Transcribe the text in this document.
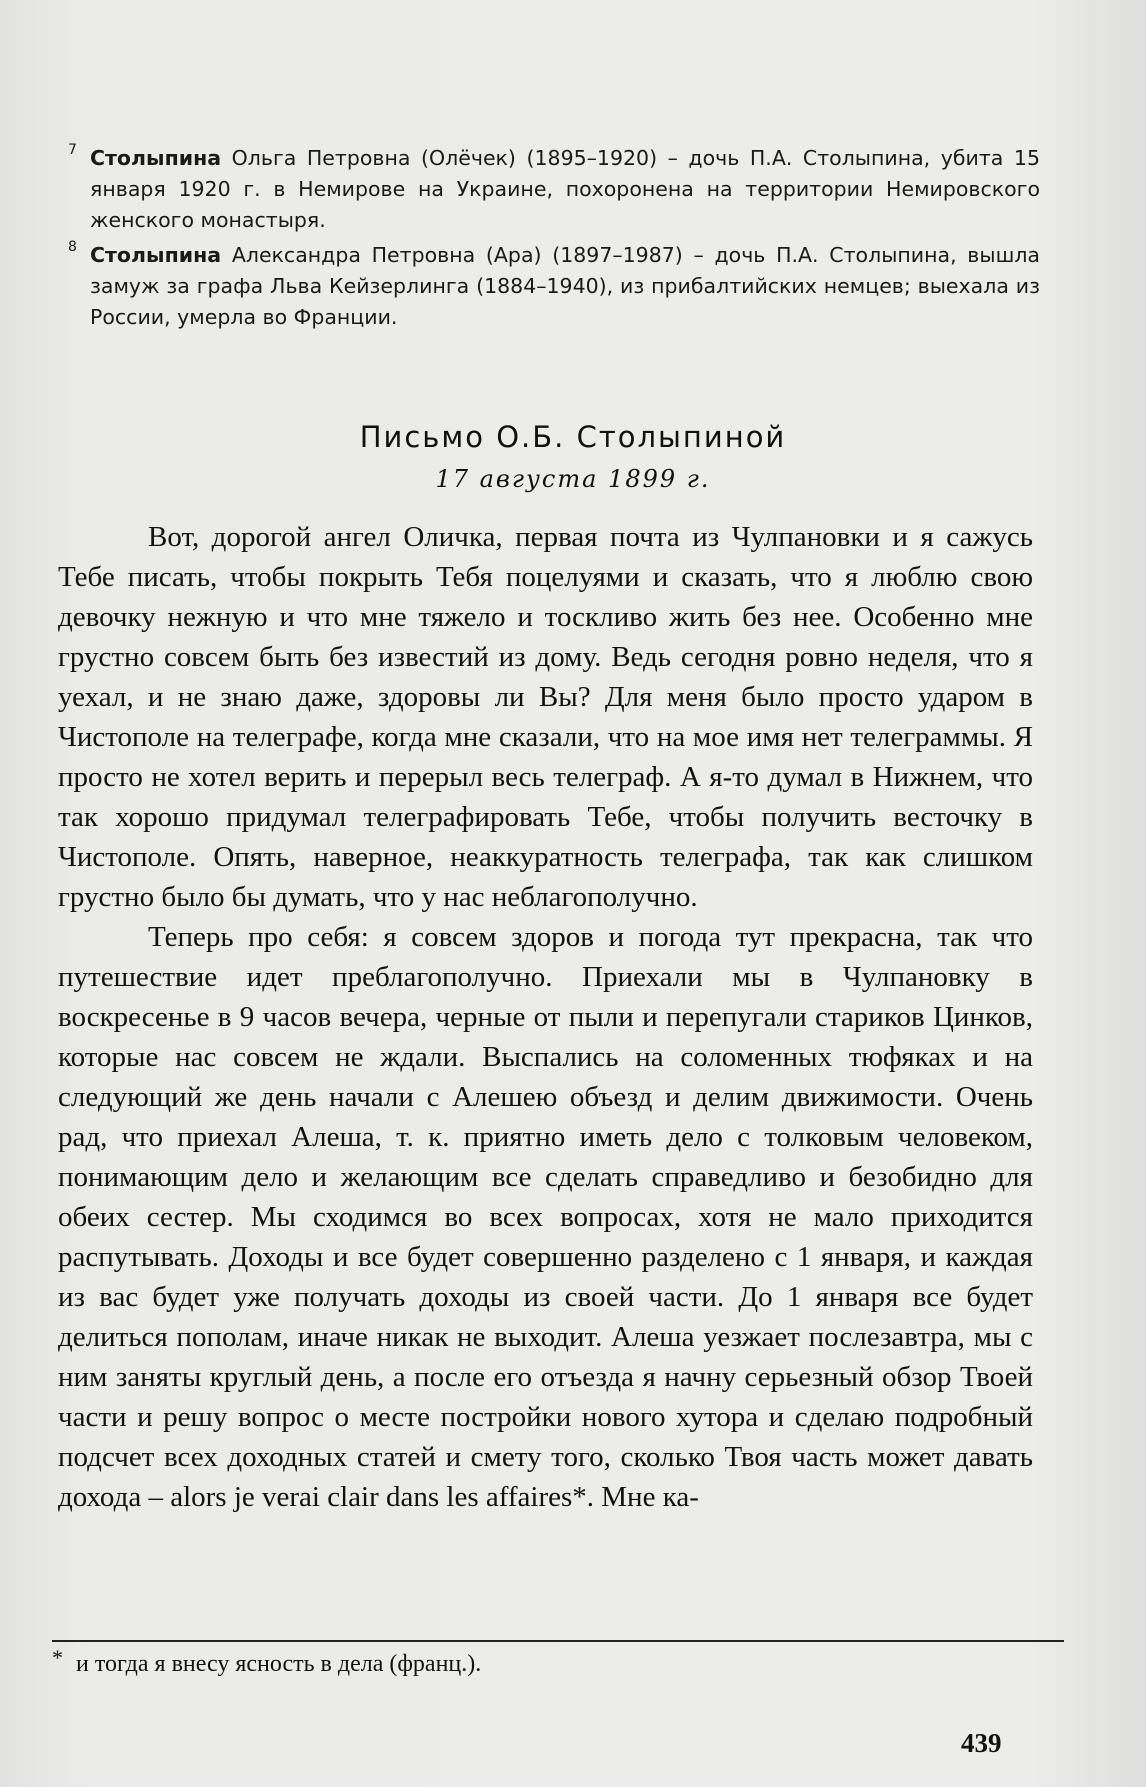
7 Столыпина Ольга Петровна (Олёчек) (1895–1920) – дочь П.А. Столыпина, убита 15 января 1920 г. в Немирове на Украине, похоронена на территории Немировского женского монастыря.
8 Столыпина Александра Петровна (Ара) (1897–1987) – дочь П.А. Столыпина, вышла замуж за графа Льва Кейзерлинга (1884–1940), из прибалтийских немцев; выехала из России, умерла во Франции.
Письмо О.Б. Столыпиной
17 августа 1899 г.

Вот, дорогой ангел Оличка, первая почта из Чулпановки и я сажусь Тебе писать, чтобы покрыть Тебя поцелуями и сказать, что я люблю свою девочку нежную и что мне тяжело и тоскливо жить без нее. Особенно мне грустно совсем быть без известий из дому. Ведь сегодня ровно неделя, что я уехал, и не знаю даже, здоровы ли Вы? Для меня было просто ударом в Чистополе на телеграфе, когда мне сказали, что на мое имя нет телеграммы. Я просто не хотел верить и перерыл весь телеграф. А я-то думал в Нижнем, что так хорошо придумал телеграфировать Тебе, чтобы получить весточку в Чистополе. Опять, наверное, неаккуратность телеграфа, так как слишком грустно было бы думать, что у нас неблагополучно.

Теперь про себя: я совсем здоров и погода тут прекрасна, так что путешествие идет преблагополучно. Приехали мы в Чулпановку в воскресенье в 9 часов вечера, черные от пыли и перепугали стариков Цинков, которые нас совсем не ждали. Выспались на соломенных тюфяках и на следующий же день начали с Алешею объезд и делим движимости. Очень рад, что приехал Алеша, т. к. приятно иметь дело с толковым человеком, понимающим дело и желающим все сделать справедливо и безобидно для обеих сестер. Мы сходимся во всех вопросах, хотя не мало приходится распутывать. Доходы и все будет совершенно разделено с 1 января, и каждая из вас будет уже получать доходы из своей части. До 1 января все будет делиться пополам, иначе никак не выходит. Алеша уезжает послезавтра, мы с ним заняты круглый день, а после его отъезда я начну серьезный обзор Твоей части и решу вопрос о месте постройки нового хутора и сделаю подробный подсчет всех доходных статей и смету того, сколько Твоя часть может давать дохода – alors je verai clair dans les affaires*. Мне ка-

* и тогда я внесу ясность в дела (франц.).
439
